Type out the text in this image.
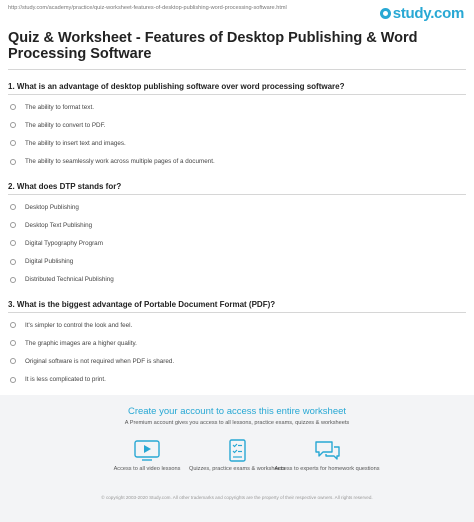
http://study.com/academy/practice/quiz-worksheet-features-of-desktop-publishing-word-processing-software.html	study.com
Quiz & Worksheet - Features of Desktop Publishing & Word Processing Software
1. What is an advantage of desktop publishing software over word processing software?
The ability to format text.
The ability to convert to PDF.
The ability to insert text and images.
The ability to seamlessly work across multiple pages of a document.
2. What does DTP stands for?
Desktop Publishing
Desktop Text Publishing
Digital Typography Program
Digital Publishing
Distributed Technical Publishing
3. What is the biggest advantage of Portable Document Format (PDF)?
It's simpler to control the look and feel.
The graphic images are a higher quality.
Original software is not required when PDF is shared.
It is less complicated to print.
Create your account to access this entire worksheet
A Premium account gives you access to all lessons, practice exams, quizzes & worksheets
Access to all video lessons	Quizzes, practice exams & worksheets
Access to experts for homework questions
© copyright 2003-2020 Study.com. All other trademarks and copyrights are the property of their respective owners. All rights reserved.
